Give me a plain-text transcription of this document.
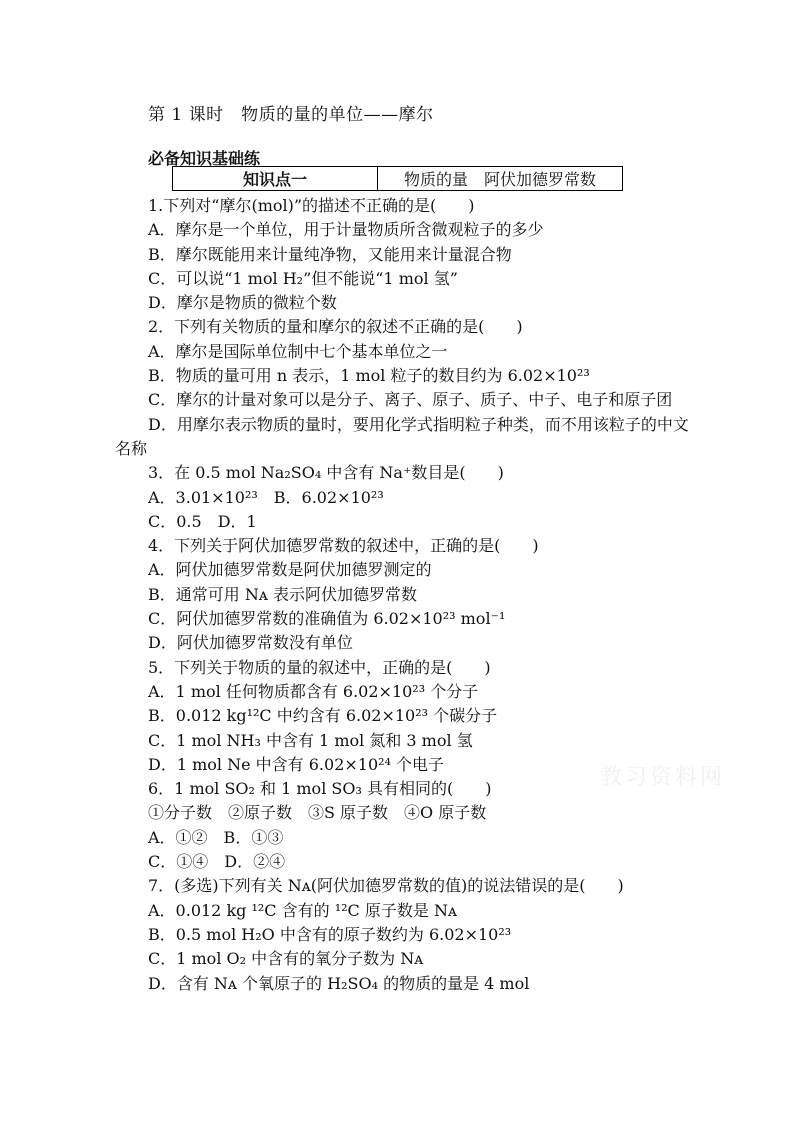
第 1 课时　物质的量的单位——摩尔
必备知识基础练
知识点一	物质的量　阿伏加德罗常数
1.下列对“摩尔(mol)”的描述不正确的是(　　)
A．摩尔是一个单位，用于计量物质所含微观粒子的多少
B．摩尔既能用来计量纯净物，又能用来计量混合物
C．可以说“1 mol H₂”但不能说“1 mol 氢”
D．摩尔是物质的微粒个数
2．下列有关物质的量和摩尔的叙述不正确的是(　　)
A．摩尔是国际单位制中七个基本单位之一
B．物质的量可用 n 表示，1 mol 粒子的数目约为 6.02×10²³
C．摩尔的计量对象可以是分子、离子、原子、质子、中子、电子和原子团
D．用摩尔表示物质的量时，要用化学式指明粒子种类，而不用该粒子的中文名称
3．在 0.5 mol Na₂SO₄ 中含有 Na⁺数目是(　　)
A．3.01×10²³　B．6.02×10²³
C．0.5　D．1
4．下列关于阿伏加德罗常数的叙述中，正确的是(　　)
A．阿伏加德罗常数是阿伏加德罗测定的
B．通常可用 Nᴀ 表示阿伏加德罗常数
C．阿伏加德罗常数的准确值为 6.02×10²³ mol⁻¹
D．阿伏加德罗常数没有单位
5．下列关于物质的量的叙述中，正确的是(　　)
A．1 mol 任何物质都含有 6.02×10²³ 个分子
B．0.012 kg¹²C 中约含有 6.02×10²³ 个碳分子
C．1 mol NH₃ 中含有 1 mol 氮和 3 mol 氢
D．1 mol Ne 中含有 6.02×10²⁴ 个电子
6．1 mol SO₂ 和 1 mol SO₃ 具有相同的(　　)
①分子数　②原子数　③S 原子数　④O 原子数
A．①②　B．①③
C．①④　D．②④
7．(多选)下列有关 Nᴀ(阿伏加德罗常数的值)的说法错误的是(　　)
A．0.012 kg ¹²C 含有的 ¹²C 原子数是 Nᴀ
B．0.5 mol H₂O 中含有的原子数约为 6.02×10²³
C．1 mol O₂ 中含有的氧分子数为 Nᴀ
D．含有 Nᴀ 个氧原子的 H₂SO₄ 的物质的量是 4 mol
教习资料网
